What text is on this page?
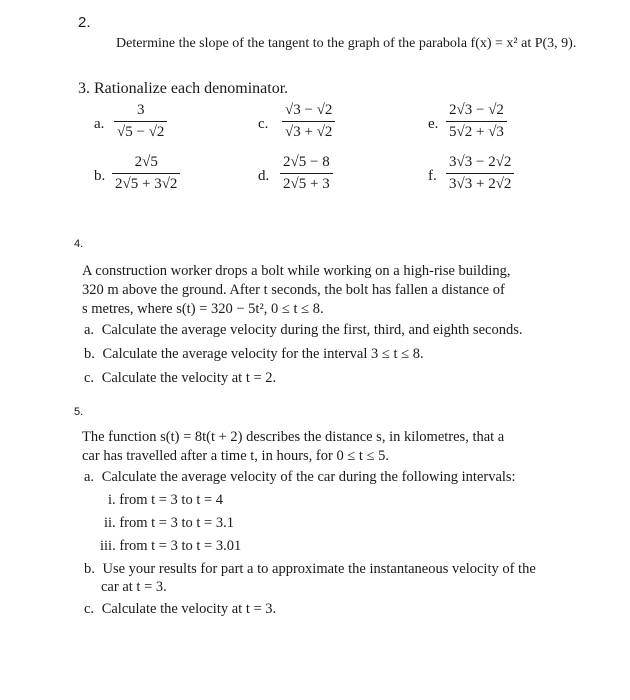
2.
Determine the slope of the tangent to the graph of the parabola f(x) = x² at P(3, 9).
3. Rationalize each denominator.
a.
3
√5 − √2
b.
2√5
2√5 + 3√2
c.
√3 − √2
√3 + √2
d.
2√5 − 8
2√5 + 3
e.
2√3 − √2
5√2 + √3
f.
3√3 − 2√2
3√3 + 2√2
4.
A construction worker drops a bolt while working on a high-rise building,
320 m above the ground. After t seconds, the bolt has fallen a distance of
s metres, where s(t) = 320 − 5t², 0 ≤ t ≤ 8.
a. Calculate the average velocity during the first, third, and eighth seconds.
b. Calculate the average velocity for the interval 3 ≤ t ≤ 8.
c. Calculate the velocity at t = 2.
5.
The function s(t) = 8t(t + 2) describes the distance s, in kilometres, that a
car has travelled after a time t, in hours, for 0 ≤ t ≤ 5.
a. Calculate the average velocity of the car during the following intervals:
i. from t = 3 to t = 4
ii. from t = 3 to t = 3.1
iii. from t = 3 to t = 3.01
b. Use your results for part a to approximate the instantaneous velocity of the
car at t = 3.
c. Calculate the velocity at t = 3.
